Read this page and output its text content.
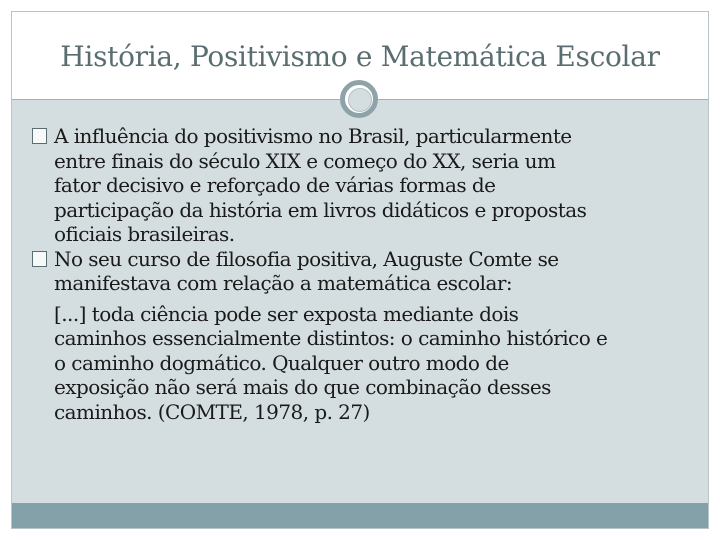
História, Positivismo e Matemática Escolar
A influência do positivismo no Brasil, particularmente
entre finais do século XIX e começo do XX, seria um
fator decisivo e reforçado de várias formas de
participação da história em livros didáticos e propostas
oficiais brasileiras.
No seu curso de filosofia positiva, Auguste Comte se
manifestava com relação a matemática escolar:
[...] toda ciência pode ser exposta mediante dois
caminhos essencialmente distintos: o caminho histórico e
o caminho dogmático. Qualquer outro modo de
exposição não será mais do que combinação desses
caminhos. (COMTE, 1978, p. 27)
